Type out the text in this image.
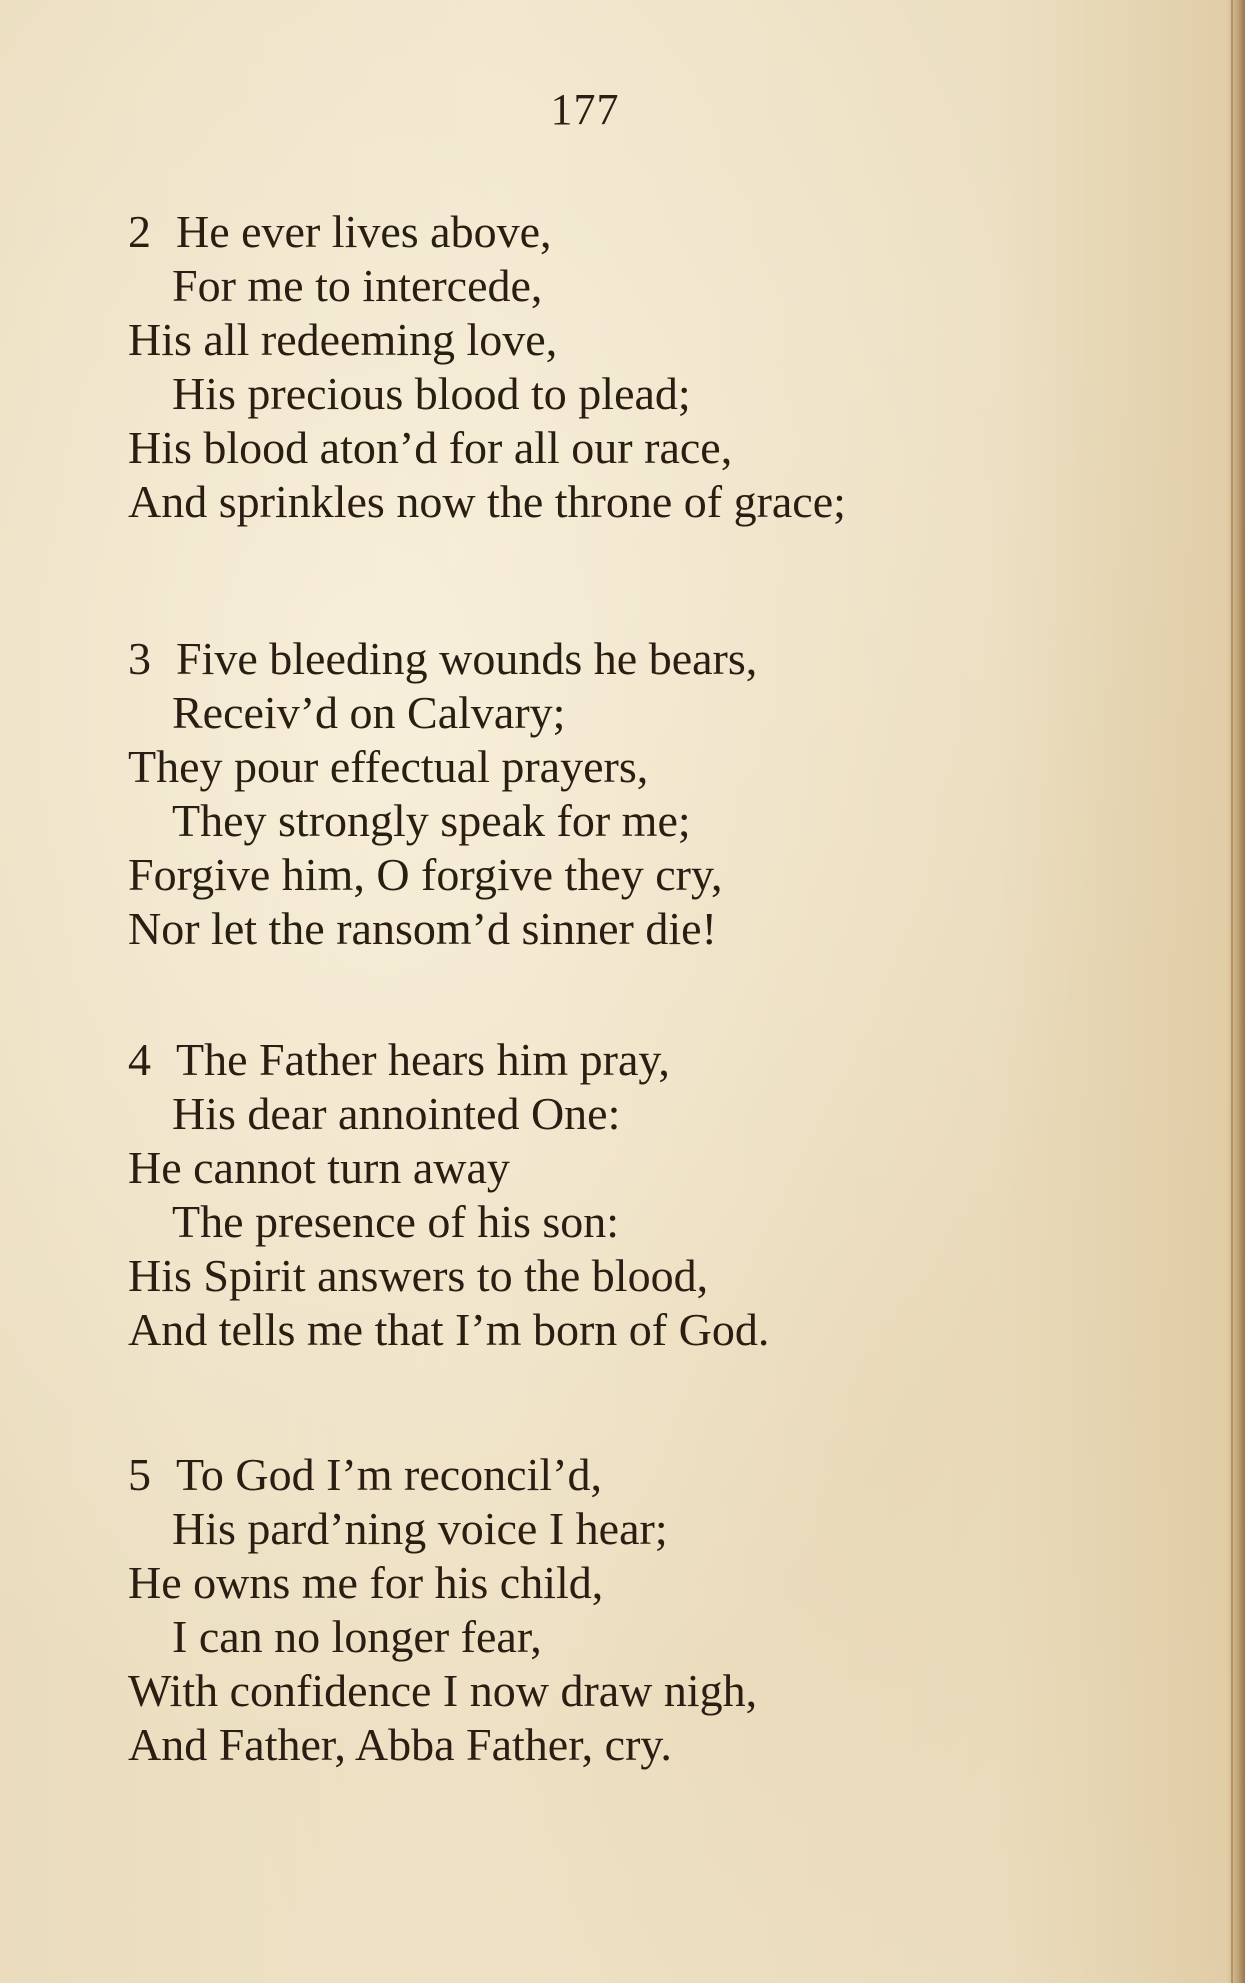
177
2 He ever lives above,
For me to intercede,
His all redeeming love,
His precious blood to plead;
His blood aton’d for all our race,
And sprinkles now the throne of grace;
3 Five bleeding wounds he bears,
Receiv’d on Calvary;
They pour effectual prayers,
They strongly speak for me;
Forgive him, O forgive they cry,
Nor let the ransom’d sinner die!
4 The Father hears him pray,
His dear annointed One:
He cannot turn away
The presence of his son:
His Spirit answers to the blood,
And tells me that I’m born of God.
5 To God I’m reconcil’d,
His pard’ning voice I hear;
He owns me for his child,
I can no longer fear,
With confidence I now draw nigh,
And Father, Abba Father, cry.
